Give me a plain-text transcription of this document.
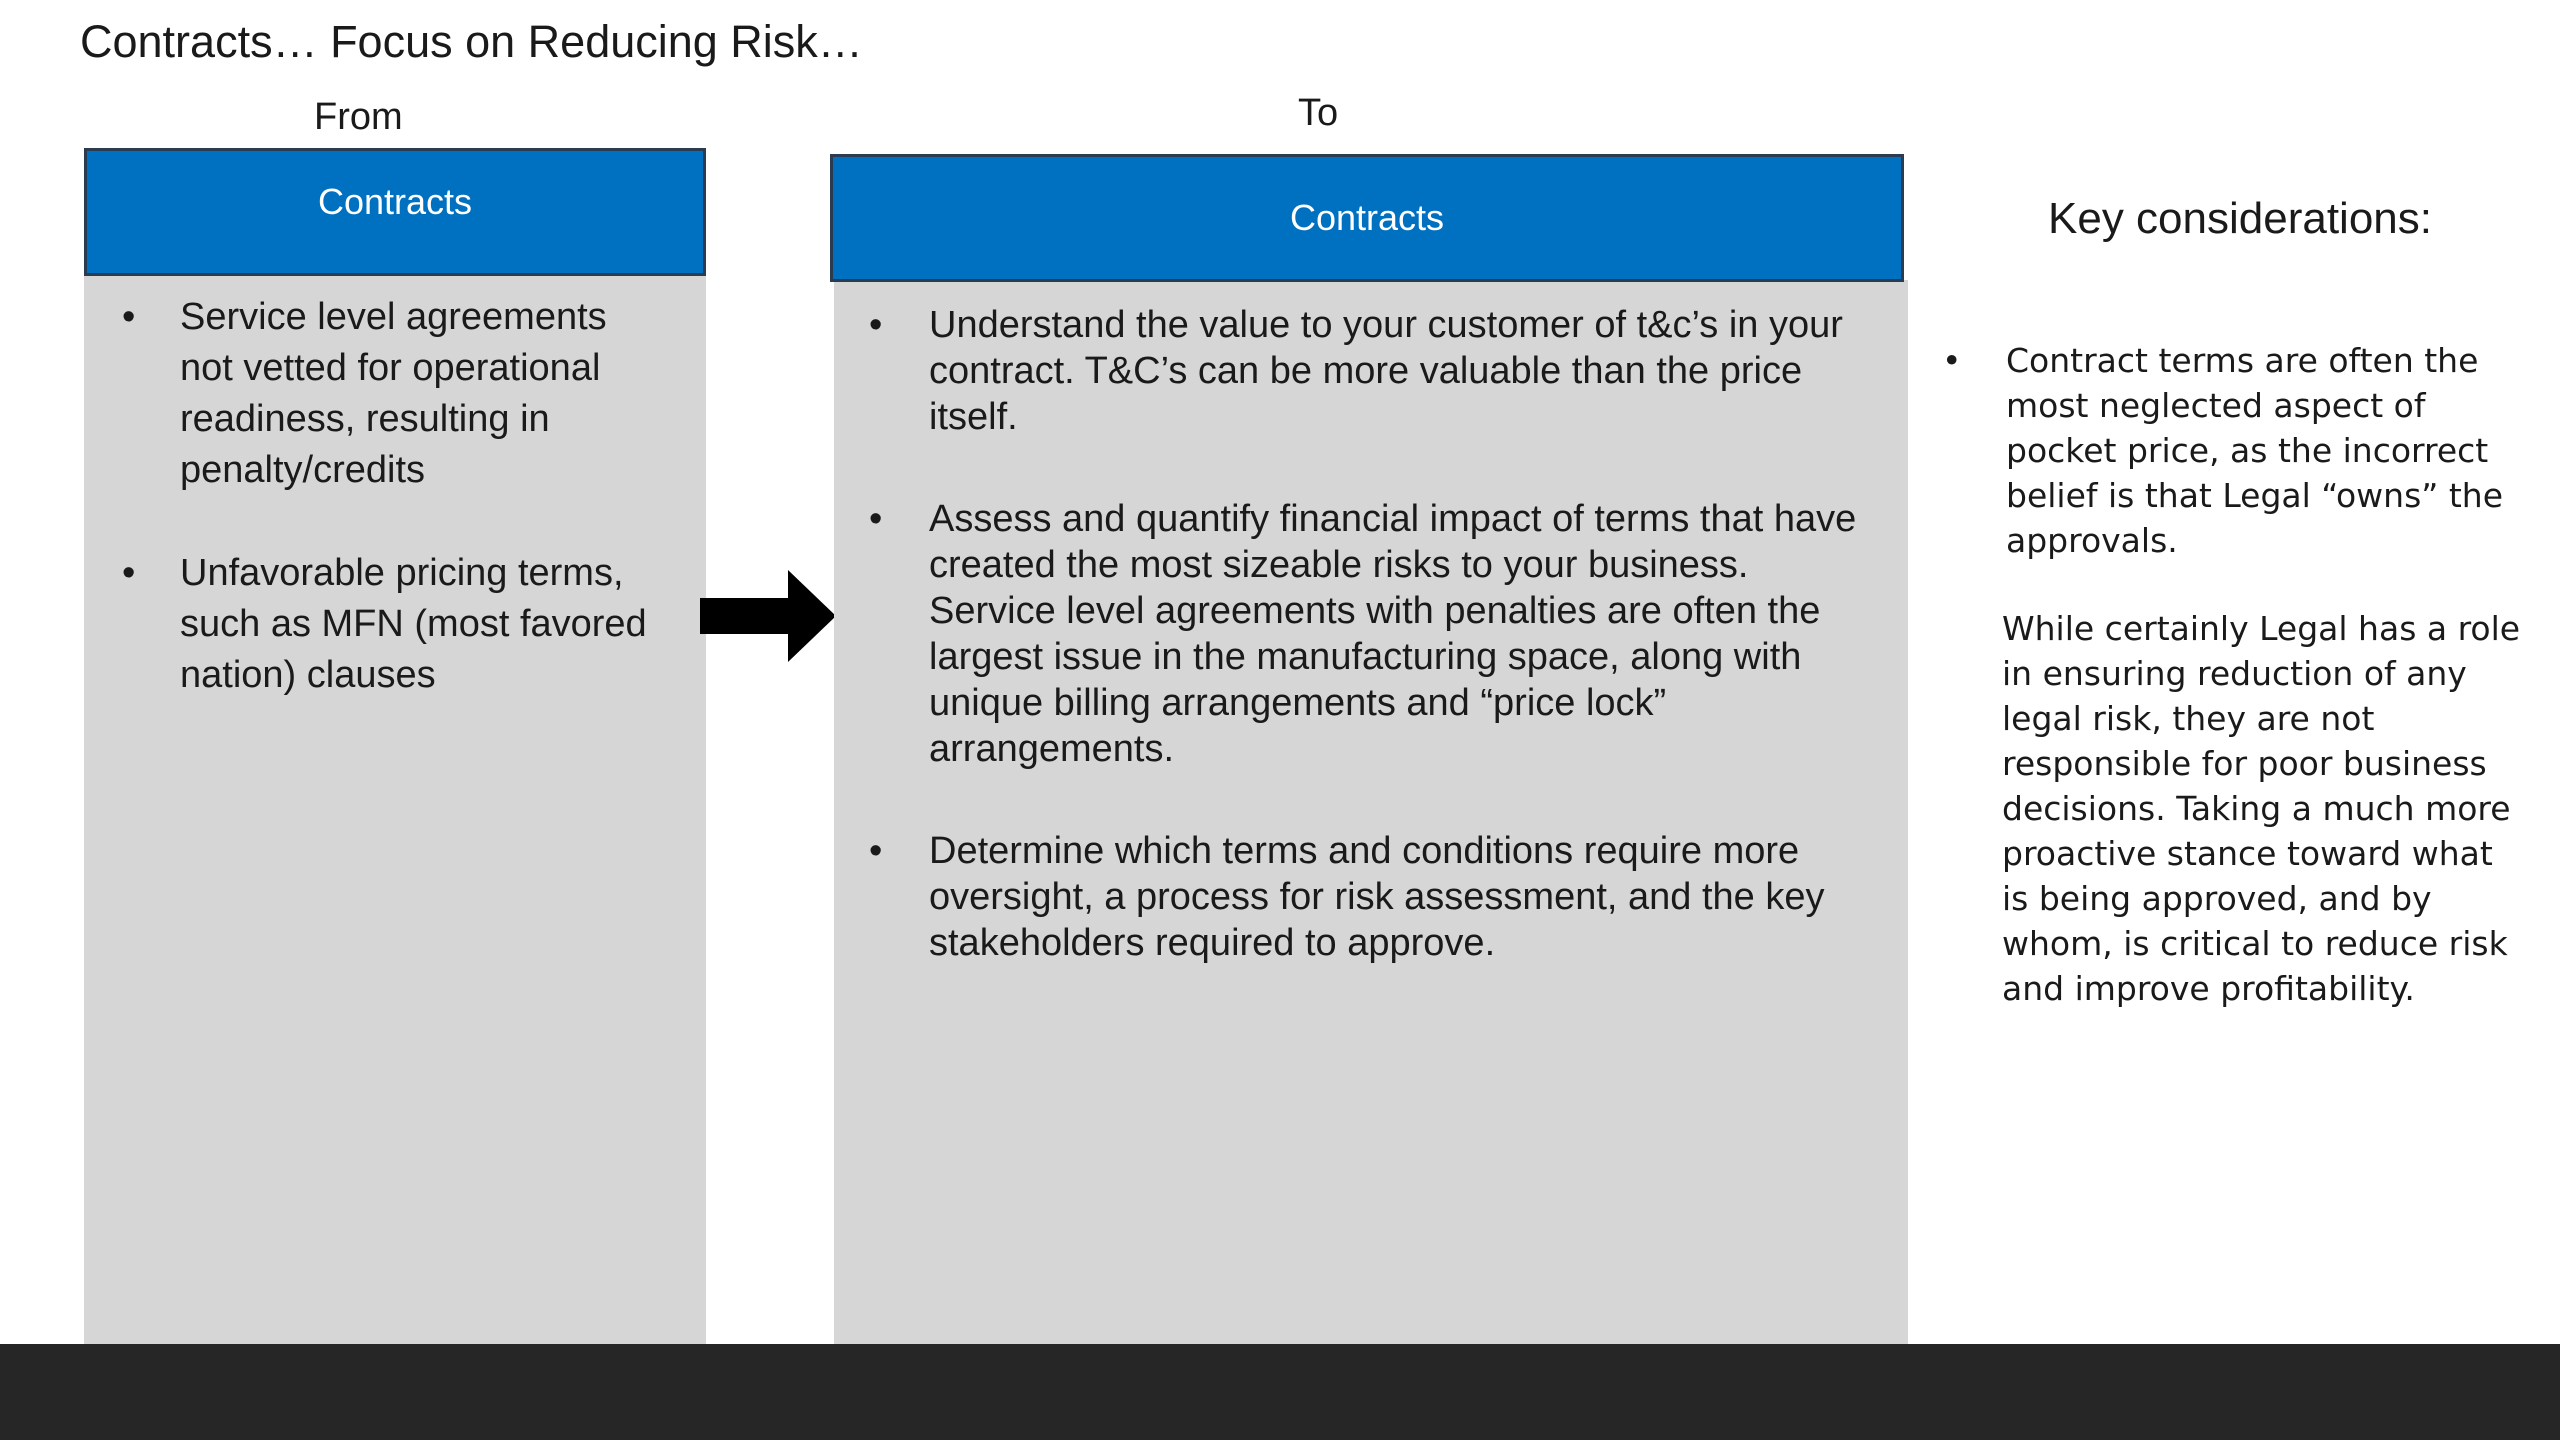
Contracts… Focus on Reducing Risk…
From	To
Contracts
• Service level agreements not vetted for operational readiness, resulting in penalty/credits
• Unfavorable pricing terms, such as MFN (most favored nation) clauses
Contracts
• Understand the value to your customer of t&c’s in your contract. T&C’s can be more valuable than the price itself.
• Assess and quantify financial impact of terms that have created the most sizeable risks to your business. Service level agreements with penalties are often the largest issue in the manufacturing space, along with unique billing arrangements and “price lock” arrangements.
• Determine which terms and conditions require more oversight, a process for risk assessment, and the key stakeholders required to approve.
Key considerations:
• Contract terms are often the most neglected aspect of pocket price, as the incorrect belief is that Legal “owns” the approvals.
While certainly Legal has a role in ensuring reduction of any legal risk, they are not responsible for poor business decisions. Taking a much more proactive stance toward what is being approved, and by whom, is critical to reduce risk and improve profitability.
